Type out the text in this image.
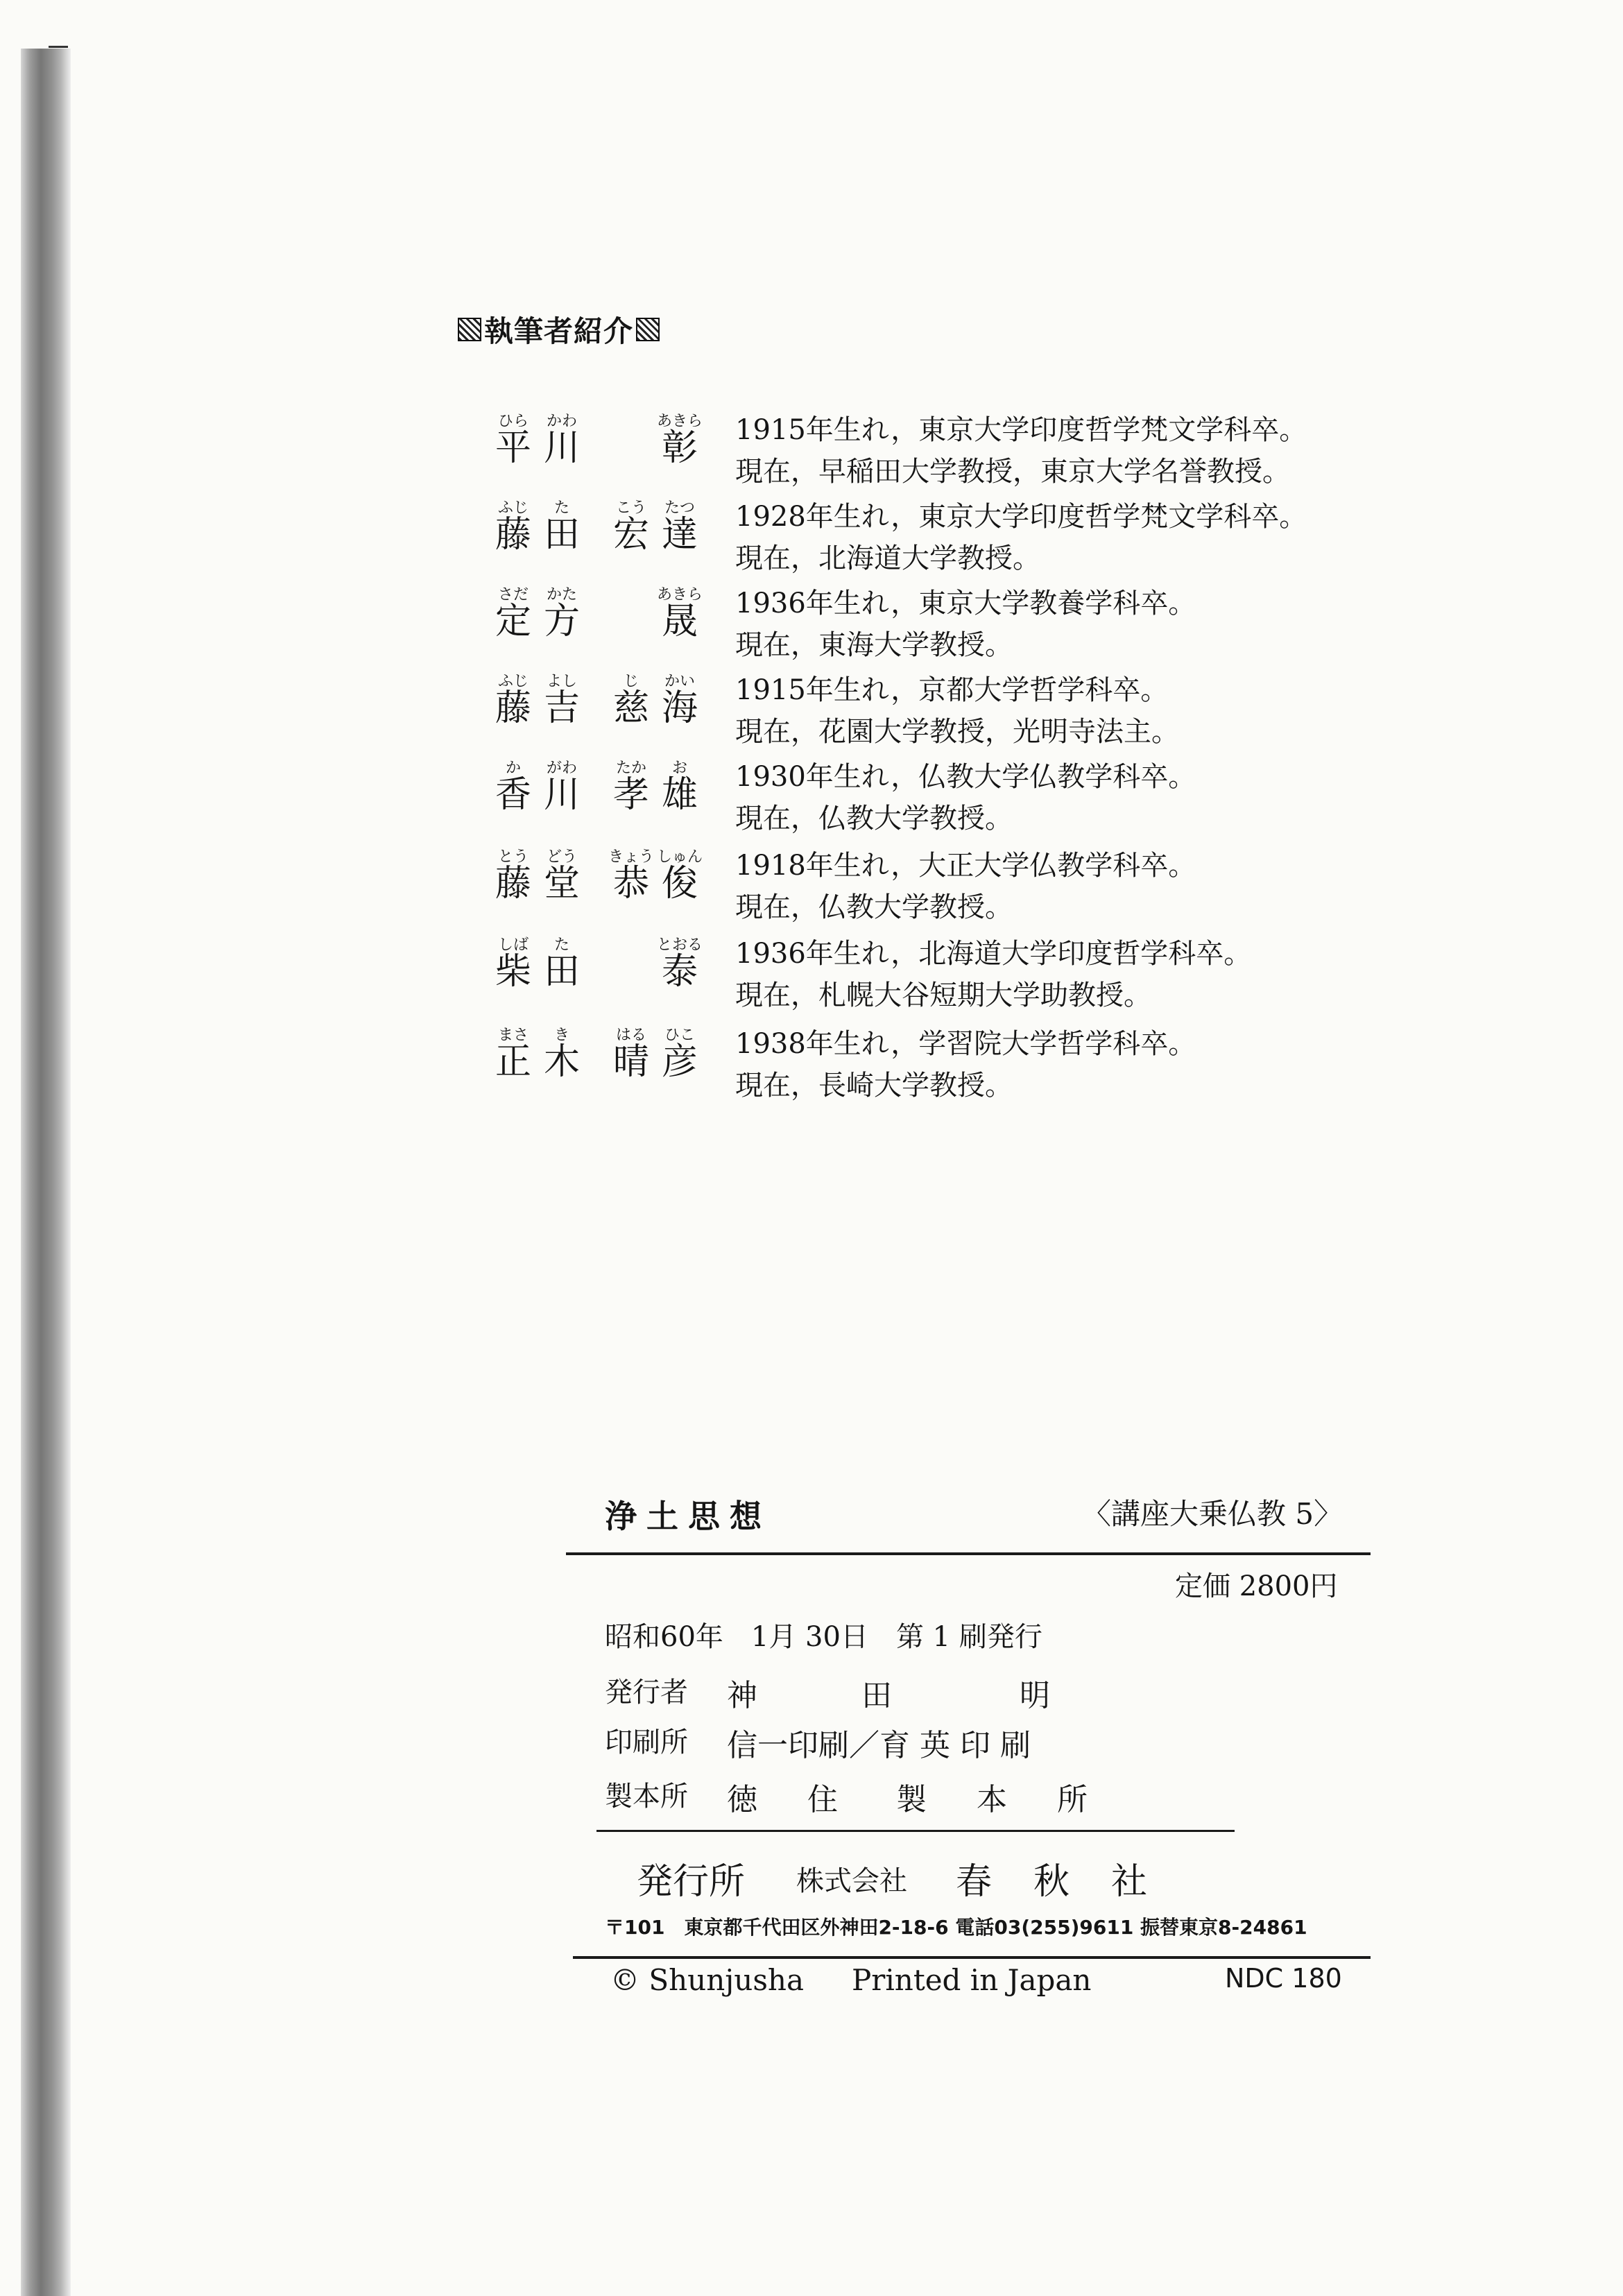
執筆者紹介
ひら かわ	あきら
平 川 彰 1915年生れ，東京大学印度哲学梵文学科卒。
現在，早稲田大学教授，東京大学名誉教授。
ふじ た	こう たつ
藤 田 宏 達 1928年生れ，東京大学印度哲学梵文学科卒。
現在，北海道大学教授。
さだ かた	あきら
定 方 晟 1936年生れ，東京大学教養学科卒。
現在，東海大学教授。
ふじ よし	じ かい
藤 吉 慈 海 1915年生れ，京都大学哲学科卒。
現在，花園大学教授，光明寺法主。
か がわ	たか お
香 川 孝 雄 1930年生れ，仏教大学仏教学科卒。
現在，仏教大学教授。
とう どう きょう しゅん
藤 堂 恭 俊 1918年生れ，大正大学仏教学科卒。
現在，仏教大学教授。
しば た	とおる
柴 田 泰 1936年生れ，北海道大学印度哲学科卒。
現在，札幌大谷短期大学助教授。
まさ き	はる ひこ
正 木 晴 彦 1938年生れ，学習院大学哲学科卒。
現在，長崎大学教授。
浄土思想	〈講座大乗仏教 5〉
定価 2800円
昭和60年　1月 30日　第 1 刷発行
発行者 神	田	明
印刷所 信一印刷／育 英 印 刷
製本所 徳 住 製 本 所
発行所 株式会社 春秋社
〒101　東京都千代田区外神田2-18-6 電話03(255)9611 振替東京8-24861
© Shunjusha Printed in Japan	NDC 180
